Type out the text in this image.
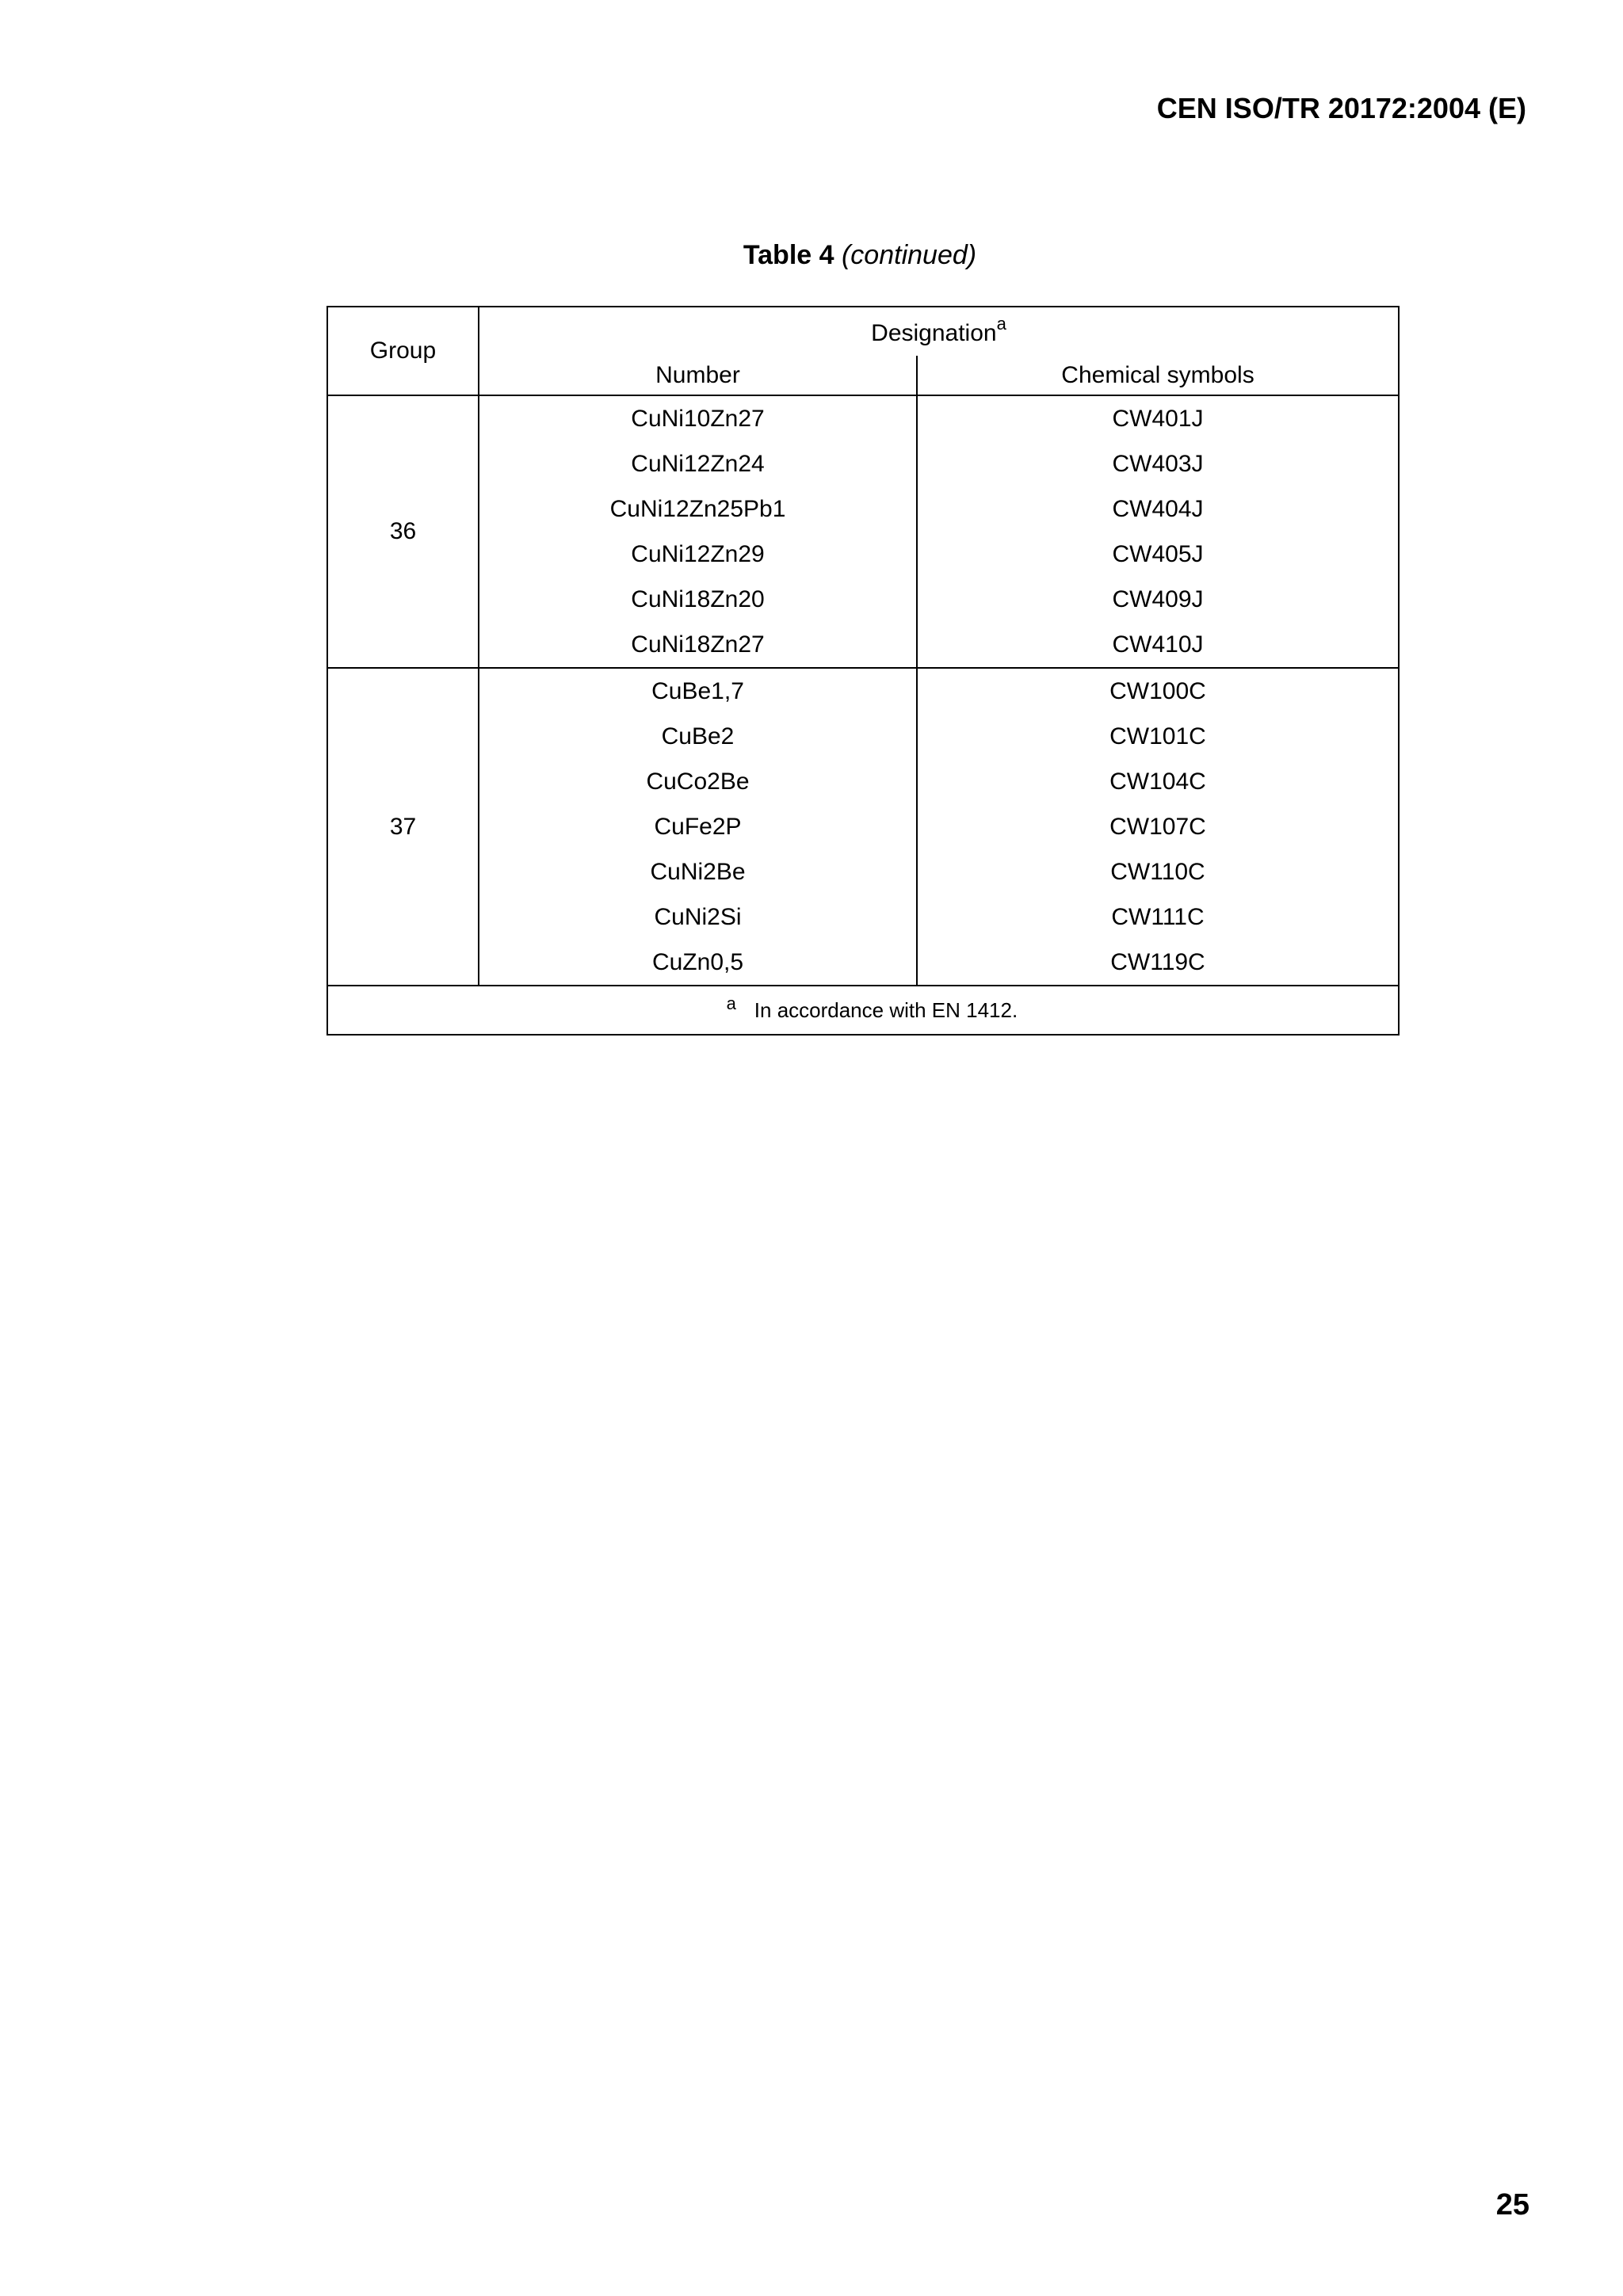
CEN ISO/TR 20172:2004 (E)
Table 4 (continued)
Group	Designation$^a$
	Number	Chemical symbols
36	CuNi10Zn27	CW401J
	CuNi12Zn24	CW403J
	CuNi12Zn25Pb1	CW404J
	CuNi12Zn29	CW405J
	CuNi18Zn20	CW409J
	CuNi18Zn27	CW410J
37	CuBe1,7	CW100C
	CuBe2	CW101C
	CuCo2Be	CW104C
	CuFe2P	CW107C
	CuNi2Be	CW110C
	CuNi2Si	CW111C
	CuZn0,5	CW119C
a In accordance with EN 1412.		
25
